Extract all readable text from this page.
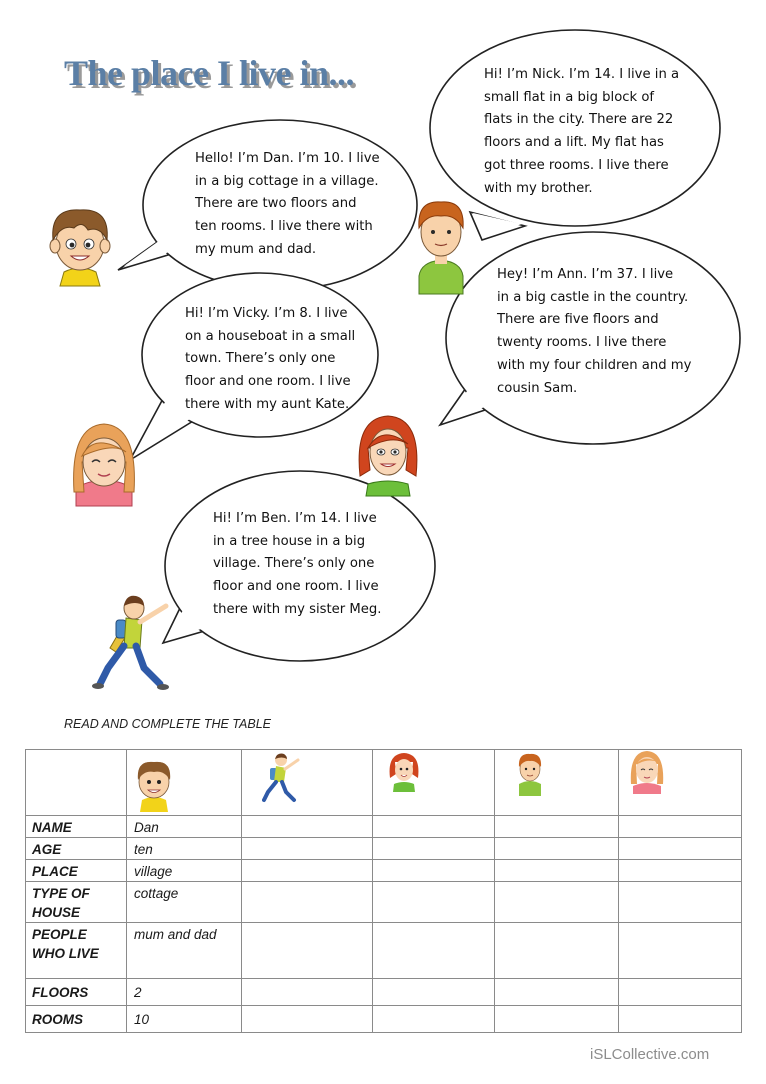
The place I live in...	Hi! I’m Nick. I’m 14. I live in a
small flat in a big block of
flats in the city. There are 22
floors and a lift. My flat has
got three rooms. I live there
with my brother.
Hello! I’m Dan. I’m 10. I live
in a big cottage in a village.
There are two floors and
ten rooms. I live there with
my mum and dad.
Hey! I’m Ann. I’m 37. I live
in a big castle in the country.
There are five floors and
twenty rooms. I live there
with my four children and my
cousin Sam.
Hi! I’m Vicky. I’m 8. I live
on a houseboat in a small
town. There’s only one
floor and one room. I live
there with my aunt Kate.
Hi! I’m Ben. I’m 14. I live
in a tree house in a big
village. There’s only one
floor and one room. I live
there with my sister Meg.
READ AND COMPLETE THE TABLE

NAME	Dan				
AGE	ten				
PLACE	village				
TYPE OF HOUSE	cottage				
PEOPLE WHO LIVE	mum and dad				
FLOORS	2				
ROOMS	10				
iSLCollective.com
